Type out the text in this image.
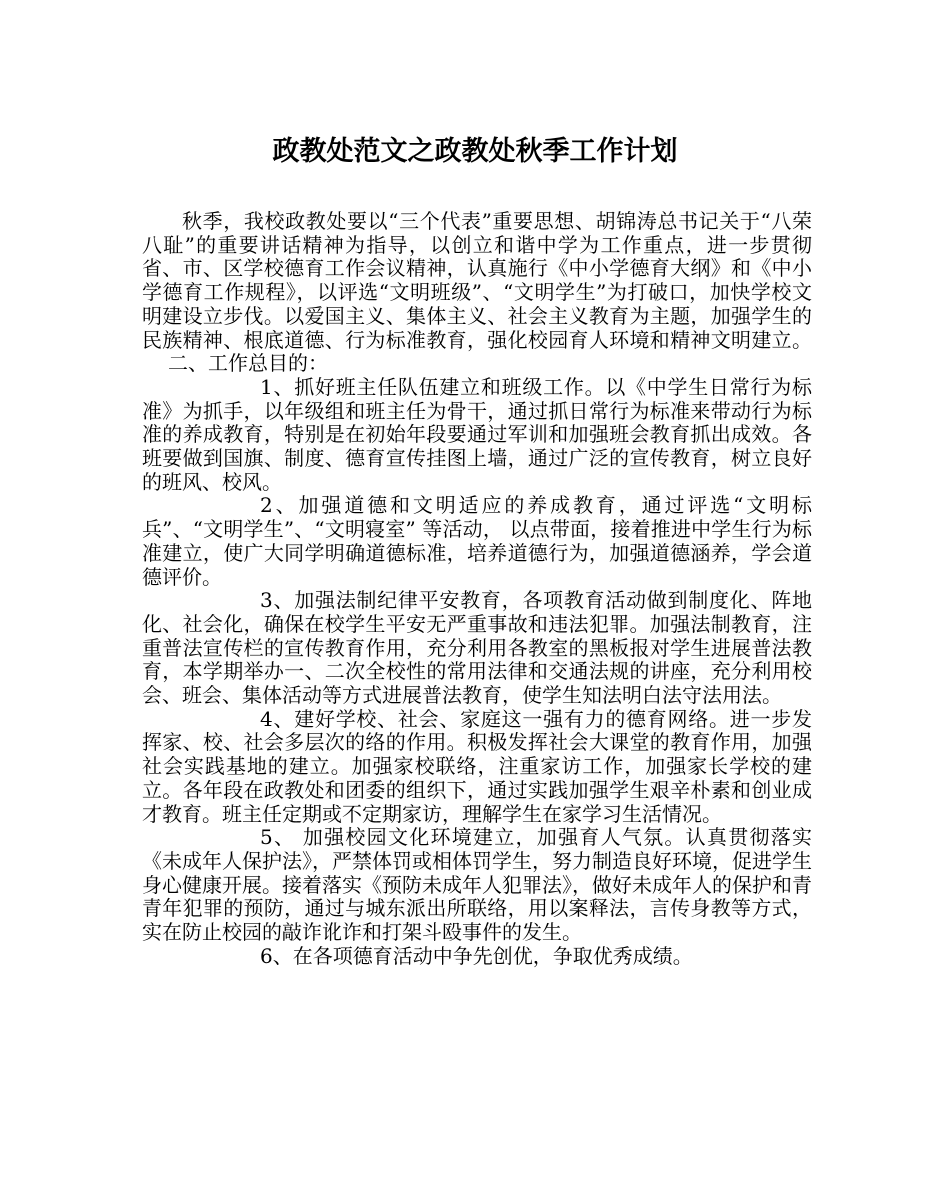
政教处范文之政教处秋季工作计划

秋季，我校政教处要以“三个代表”重要思想、胡锦涛总书记关于“八荣八耻”的重要讲话精神为指导，以创立和谐中学为工作重点，进一步贯彻省、市、区学校德育工作会议精神，认真施行《中小学德育大纲》和《中小学德育工作规程》，以评选“文明班级”、“文明学生”为打破口，加快学校文明建设立步伐。以爱国主义、集体主义、社会主义教育为主题，加强学生的民族精神、根底道德、行为标准教育，强化校园育人环境和精神文明建立。二、工作总目的：

1、抓好班主任队伍建立和班级工作。以《中学生日常行为标准》为抓手，以年级组和班主任为骨干，通过抓日常行为标准来带动行为标准的养成教育，特别是在初始年段要通过军训和加强班会教育抓出成效。各班要做到国旗、制度、德育宣传挂图上墙，通过广泛的宣传教育，树立良好的班风、校风。

2、加强道德和文明适应的养成教育，通过评选“文明标兵”、“文明学生”、“文明寝室” 等活动， 以点带面，接着推进中学生行为标准建立，使广大同学明确道德标准，培养道德行为，加强道德涵养，学会道德评价。

3、加强法制纪律平安教育，各项教育活动做到制度化、阵地化、社会化，确保在校学生平安无严重事故和违法犯罪。加强法制教育，注重普法宣传栏的宣传教育作用，充分利用各教室的黑板报对学生进展普法教育，本学期举办一、二次全校性的常用法律和交通法规的讲座，充分利用校会、班会、集体活动等方式进展普法教育，使学生知法明白法守法用法。

4、建好学校、社会、家庭这一强有力的德育网络。进一步发挥家、校、社会多层次的络的作用。积极发挥社会大课堂的教育作用，加强社会实践基地的建立。加强家校联络，注重家访工作，加强家长学校的建立。各年段在政教处和团委的组织下，通过实践加强学生艰辛朴素和创业成才教育。班主任定期或不定期家访，理解学生在家学习生活情况。

5、 加强校园文化环境建立，加强育人气氛。认真贯彻落实《未成年人保护法》，严禁体罚或相体罚学生，努力制造良好环境，促进学生身心健康开展。接着落实《预防未成年人犯罪法》，做好未成年人的保护和青青年犯罪的预防，通过与城东派出所联络，用以案释法，言传身教等方式，实在防止校园的敲诈讹诈和打架斗殴事件的发生。

6、在各项德育活动中争先创优，争取优秀成绩。
